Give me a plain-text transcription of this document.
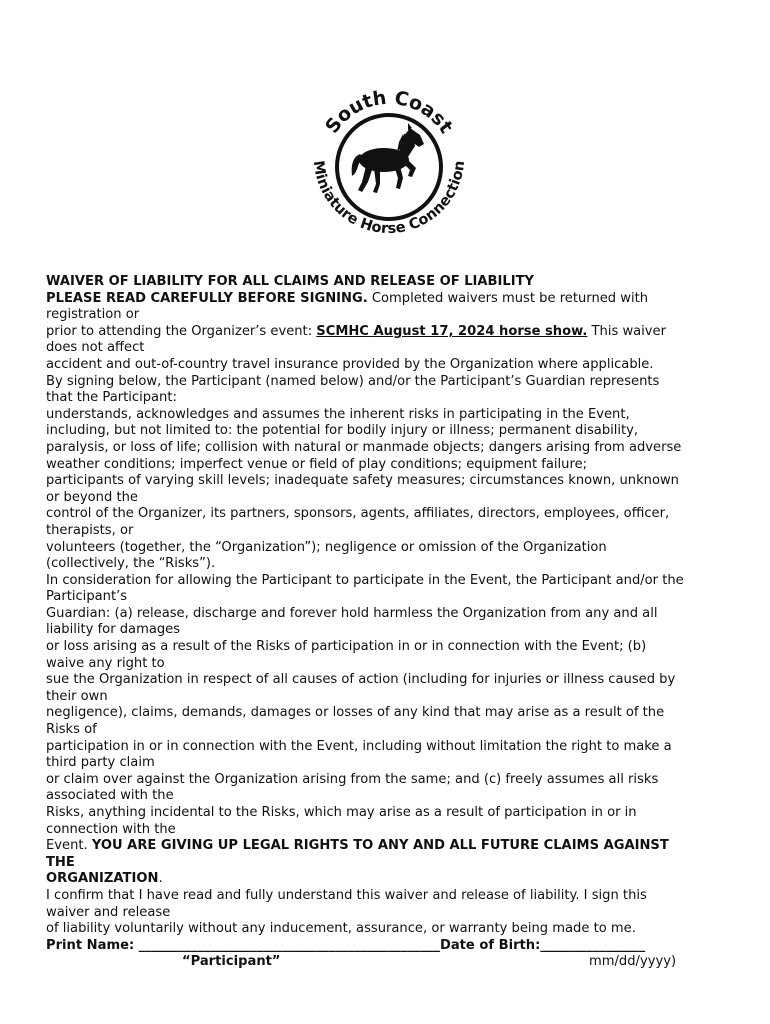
South Coast
Miniature Horse Connection

WAIVER OF LIABILITY FOR ALL CLAIMS AND RELEASE OF LIABILITY

PLEASE READ CAREFULLY BEFORE SIGNING. Completed waivers must be returned with

registration or

prior to attending the Organizer’s event: SCMHC August 17, 2024 horse show. This waiver

does not affect

accident and out-of-country travel insurance provided by the Organization where applicable.

By signing below, the Participant (named below) and/or the Participant’s Guardian represents

that the Participant:

understands, acknowledges and assumes the inherent risks in participating in the Event,

including, but not limited to: the potential for bodily injury or illness; permanent disability,

paralysis, or loss of life; collision with natural or manmade objects; dangers arising from adverse

weather conditions; imperfect venue or field of play conditions; equipment failure;

participants of varying skill levels; inadequate safety measures; circumstances known, unknown

or beyond the

control of the Organizer, its partners, sponsors, agents, affiliates, directors, employees, officer,

therapists, or

volunteers (together, the “Organization”); negligence or omission of the Organization

(collectively, the “Risks”).

In consideration for allowing the Participant to participate in the Event, the Participant and/or the

Participant’s

Guardian: (a) release, discharge and forever hold harmless the Organization from any and all

liability for damages

or loss arising as a result of the Risks of participation in or in connection with the Event; (b)

waive any right to

sue the Organization in respect of all causes of action (including for injuries or illness caused by

their own

negligence), claims, demands, damages or losses of any kind that may arise as a result of the

Risks of

participation in or in connection with the Event, including without limitation the right to make a

third party claim

or claim over against the Organization arising from the same; and (c) freely assumes all risks

associated with the

Risks, anything incidental to the Risks, which may arise as a result of participation in or in

connection with the

Event. YOU ARE GIVING UP LEGAL RIGHTS TO ANY AND ALL FUTURE CLAIMS AGAINST

THE

ORGANIZATION.

I confirm that I have read and fully understand this waiver and release of liability. I sign this

waiver and release

of liability voluntarily without any inducement, assurance, or warranty being made to me.

Print Name: ______________________________________________Date of Birth:________________

“Participant”	mm/dd/yyyy)
